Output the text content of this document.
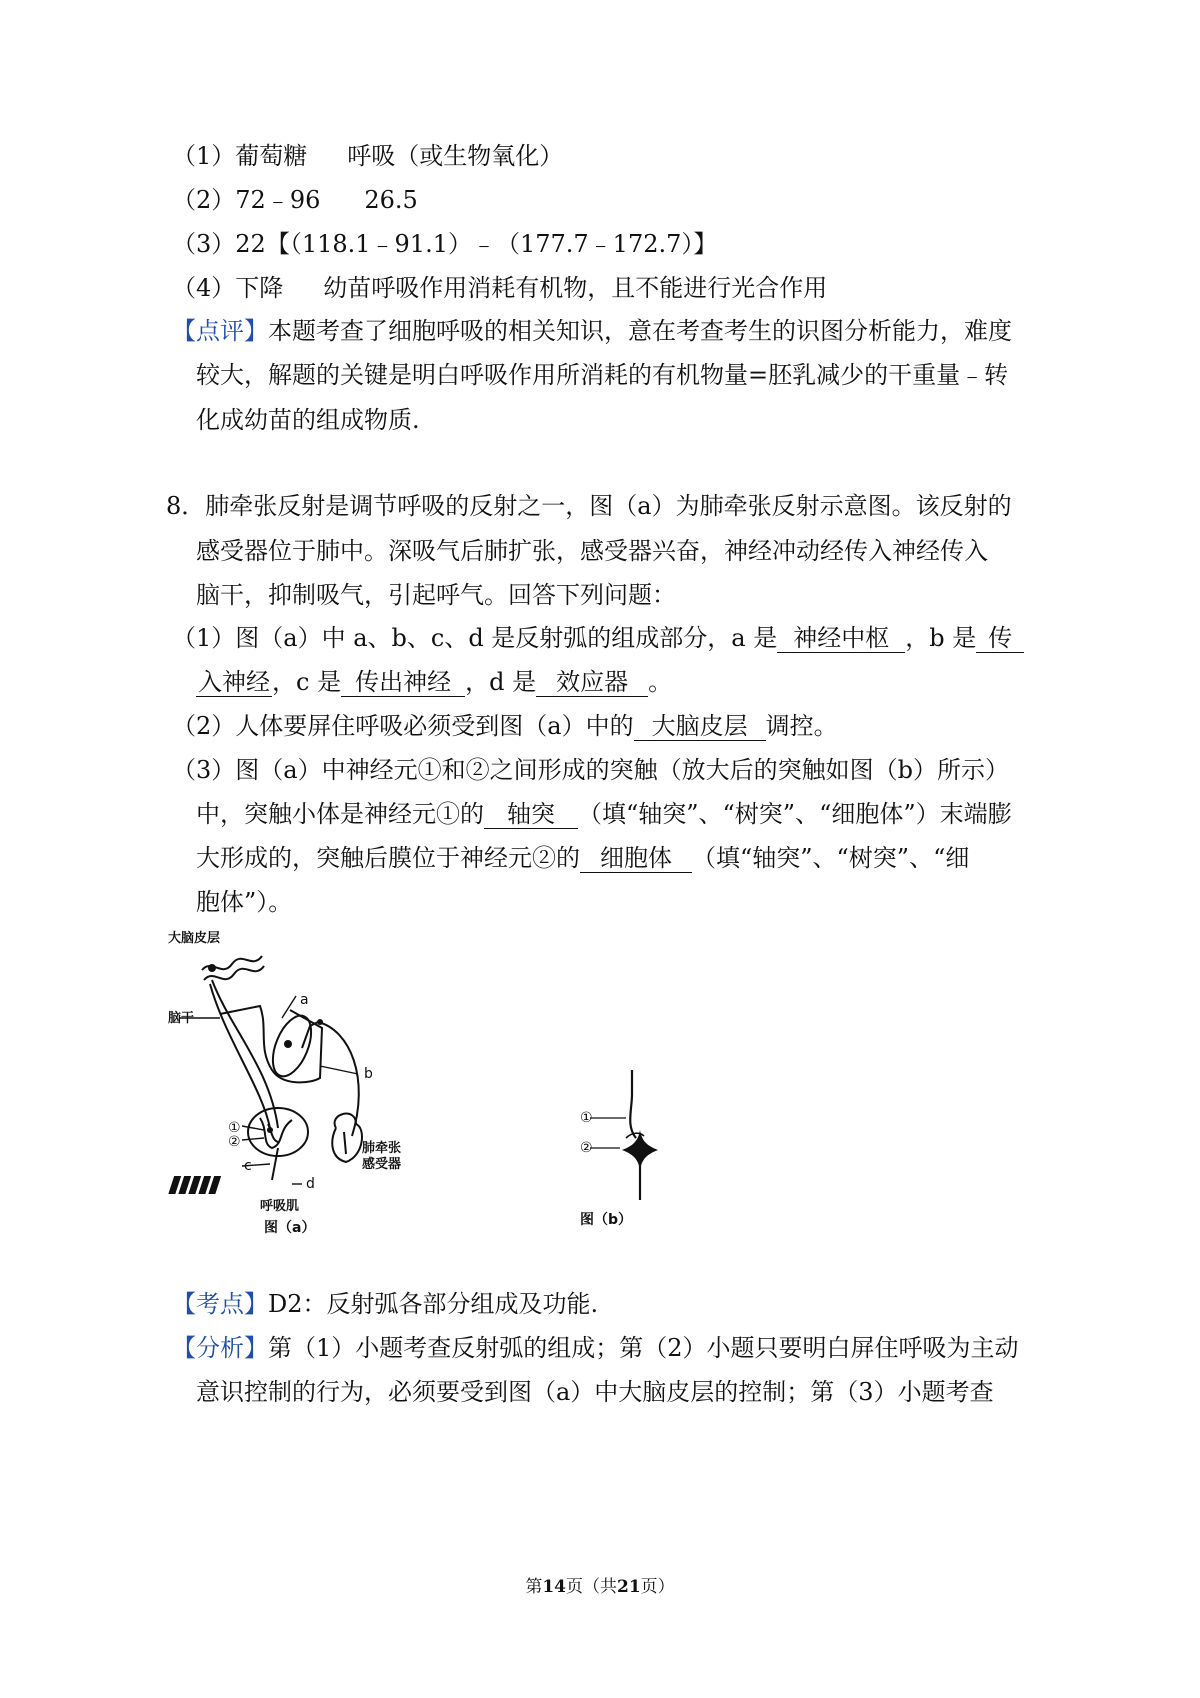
（1）葡萄糖 呼吸（或生物氧化）
（2）72﹣96 26.5
（3）22【（118.1﹣91.1）﹣（177.7﹣172.7）】
（4）下降 幼苗呼吸作用消耗有机物，且不能进行光合作用
【点评】本题考查了细胞呼吸的相关知识，意在考查考生的识图分析能力，难度
较大，解题的关键是明白呼吸作用所消耗的有机物量=胚乳减少的干重量﹣转
化成幼苗的组成物质.
8．肺牵张反射是调节呼吸的反射之一，图（a）为肺牵张反射示意图。该反射的
感受器位于肺中。深吸气后肺扩张，感受器兴奋，神经冲动经传入神经传入
脑干，抑制吸气，引起呼气。回答下列问题：
（1）图（a）中 a、b、c、d 是反射弧的组成部分，a 是 神经中枢 ，b 是 传
入神经，c 是 传出神经 ，d 是 效应器 。
（2）人体要屏住呼吸必须受到图（a）中的 大脑皮层 调控。
（3）图（a）中神经元①和②之间形成的突触（放大后的突触如图（b）所示）
中，突触小体是神经元①的 轴突 （填“轴突”、“树突”、“细胞体”）末端膨
大形成的，突触后膜位于神经元②的 细胞体 （填“轴突”、“树突”、“细
胞体”）。
大脑皮层
脑干
a
b
①
②
c
d
肺牵张
感受器
呼吸肌
图（a）
①
②
图（b）
【考点】D2：反射弧各部分组成及功能.
【分析】第（1）小题考查反射弧的组成；第（2）小题只要明白屏住呼吸为主动
意识控制的行为，必须要受到图（a）中大脑皮层的控制；第（3）小题考查
第14页（共21页）
